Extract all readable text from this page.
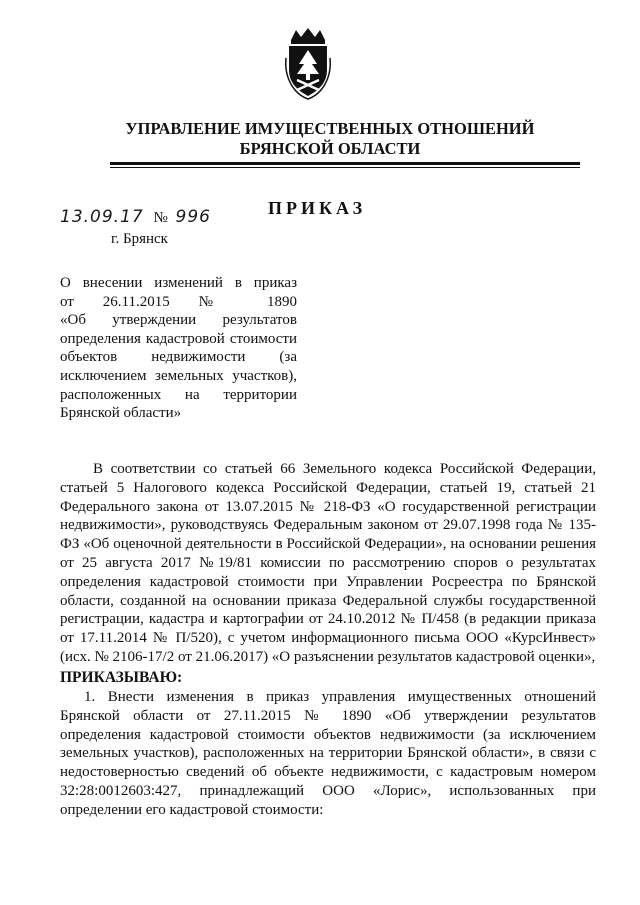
УПРАВЛЕНИЕ ИМУЩЕСТВЕННЫХ ОТНОШЕНИЙ
БРЯНСКОЙ ОБЛАСТИ
ПРИКАЗ
13.09.17 № 996
г. Брянск
О внесении изменений в приказ
от 26.11.2015 № 1890
«Об утверждении результатов
определения кадастровой стоимости
объектов недвижимости (за
исключением земельных участков),
расположенных на территории
Брянской области»
В соответствии со статьей 66 Земельного кодекса Российской Федерации,
статьей 5 Налогового кодекса Российской Федерации, статьей 19, статьей 21
Федерального закона от 13.07.2015 № 218-ФЗ «О государственной регистрации
недвижимости», руководствуясь Федеральным законом от 29.07.1998 года № 135-
ФЗ «Об оценочной деятельности в Российской Федерации», на основании решения
от 25 августа 2017 №19/81 комиссии по рассмотрению споров о результатах
определения кадастровой стоимости при Управлении Росреестра по Брянской
области, созданной на основании приказа Федеральной службы государственной
регистрации, кадастра и картографии от 24.10.2012 № П/458 (в редакции приказа
от 17.11.2014 № П/520), с учетом информационного письма ООО «КурсИнвест»
(исх. № 2106-17/2 от 21.06.2017) «О разъяснении результатов кадастровой оценки»,
ПРИКАЗЫВАЮ:
1. Внести изменения в приказ управления имущественных отношений
Брянской области от 27.11.2015 № 1890 «Об утверждении результатов
определения кадастровой стоимости объектов недвижимости (за исключением
земельных участков), расположенных на территории Брянской области», в связи с
недостоверностью сведений об объекте недвижимости, с кадастровым номером
32:28:0012603:427, принадлежащий ООО «Лорис», использованных при
определении его кадастровой стоимости:
